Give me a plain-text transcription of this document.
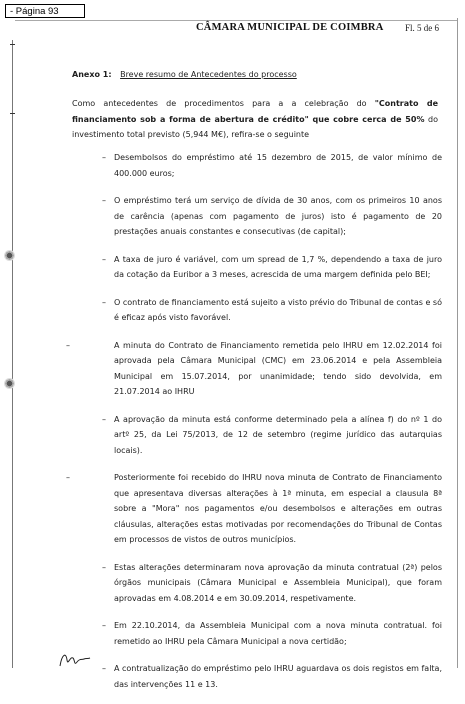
- Página 93
CÂMARA MUNICIPAL DE COIMBRA Fl. 5 de 6
Anexo 1: Breve resumo de Antecedentes do processo
Como antecedentes de procedimentos para a a celebração do "Contrato de financiamento sob a forma de abertura de crédito" que cobre cerca de 50% do investimento total previsto (5,944 M€), refira-se o seguinte
– Desembolsos do empréstimo até 15 dezembro de 2015, de valor mínimo de 400.000 euros;
– O empréstimo terá um serviço de dívida de 30 anos, com os primeiros 10 anos de carência (apenas com pagamento de juros) isto é pagamento de 20 prestações anuais constantes e consecutivas (de capital);
– A taxa de juro é variável, com um spread de 1,7 %, dependendo a taxa de juro da cotação da Euribor a 3 meses, acrescida de uma margem definida pelo BEI;
– O contrato de financiamento está sujeito a visto prévio do Tribunal de contas e só é eficaz após visto favorável.
–	A minuta do Contrato de Financiamento remetida pelo IHRU em 12.02.2014 foi aprovada pela Câmara Municipal (CMC) em 23.06.2014 e pela Assembleia Municipal em 15.07.2014, por unanimidade; tendo sido devolvida, em 21.07.2014 ao IHRU
– A aprovação da minuta está conforme determinado pela a alínea f) do nº 1 do artº 25, da Lei 75/2013, de 12 de setembro (regime jurídico das autarquias locais).
–	Posteriormente foi recebido do IHRU nova minuta de Contrato de Financiamento que apresentava diversas alterações à 1ª minuta, em especial a clausula 8ª sobre a "Mora" nos pagamentos e/ou desembolsos e alterações em outras cláusulas, alterações estas motivadas por recomendações do Tribunal de Contas em processos de vistos de outros municípios.
– Estas alterações determinaram nova aprovação da minuta contratual (2ª) pelos órgãos municipais (Câmara Municipal e Assembleia Municipal), que foram aprovadas em 4.08.2014 e em 30.09.2014, respetivamente.
– Em 22.10.2014, da Assembleia Municipal com a nova minuta contratual. foi remetido ao IHRU pela Câmara Municipal a nova certidão;
– A contratualização do empréstimo pelo IHRU aguardava os dois registos em falta, das intervenções 11 e 13.
